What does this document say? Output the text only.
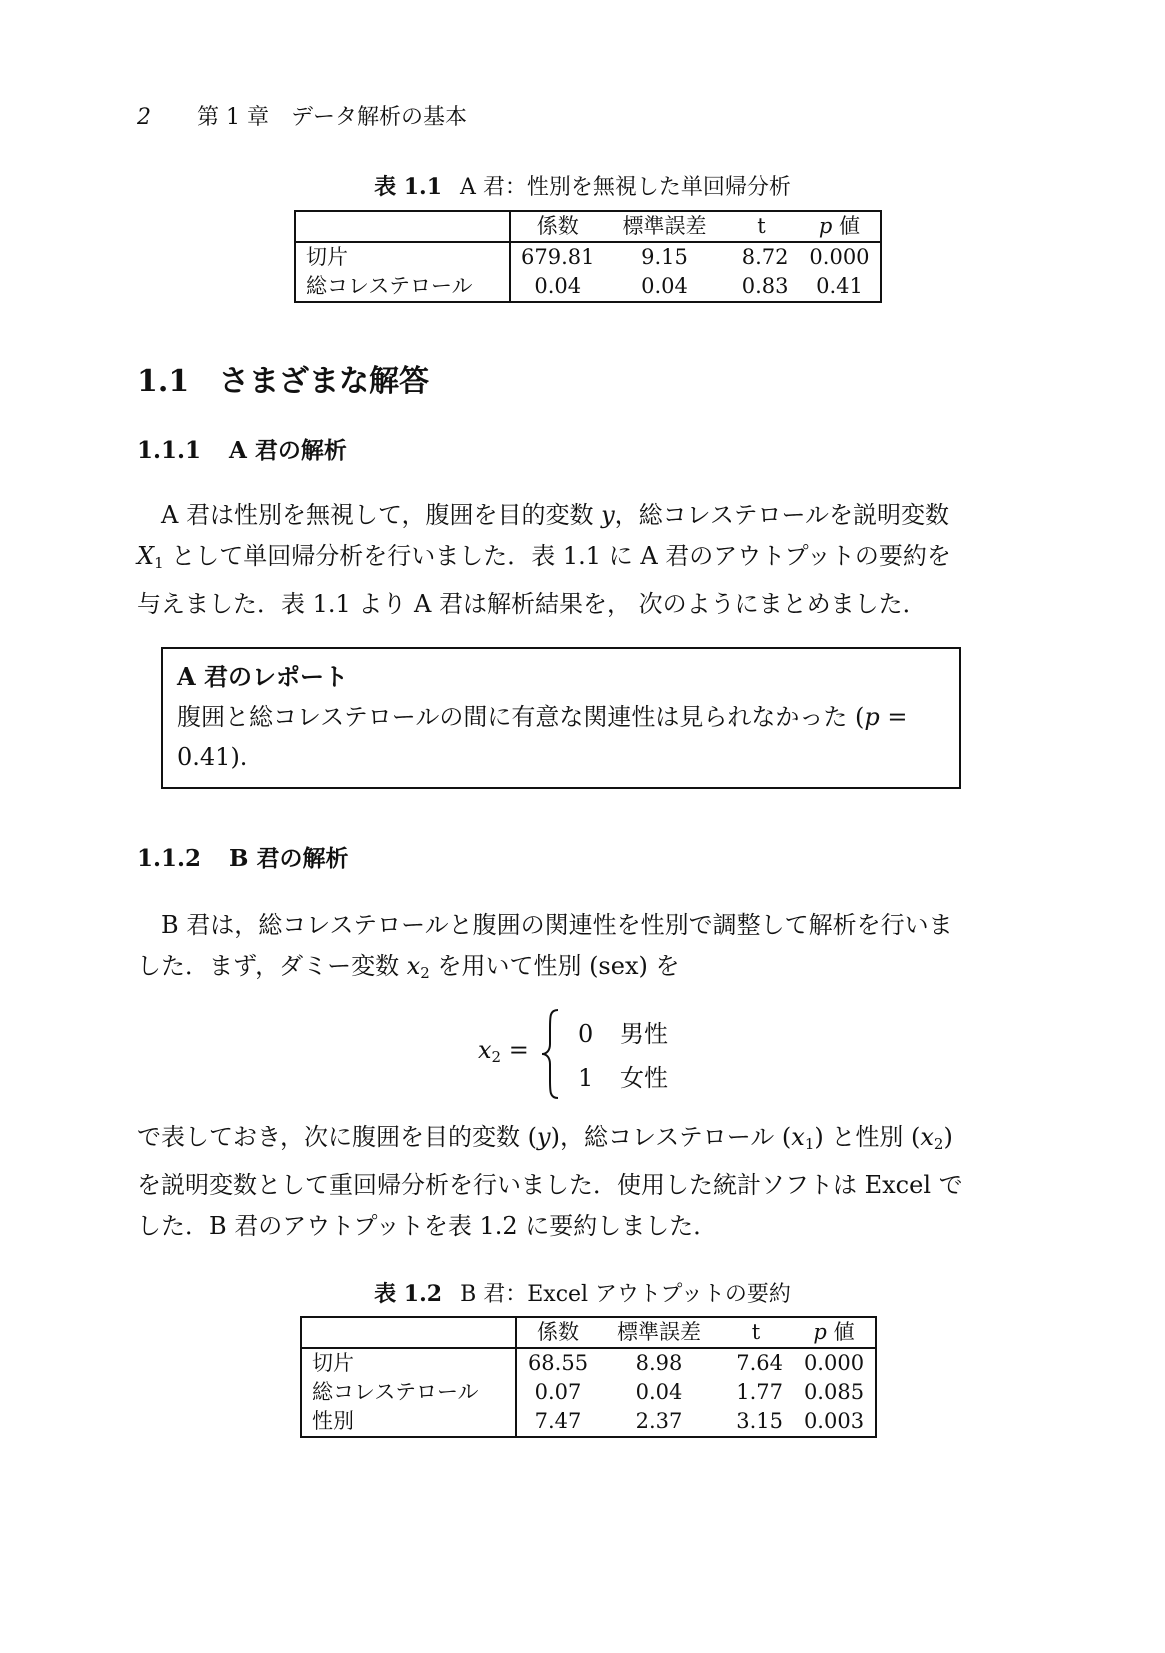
2 第 1 章　データ解析の基本
表 1.1 A 君：性別を無視した単回帰分析
	係数	標準誤差	t	p 値
切片	679.81	9.15	8.72	0.000
総コレステロール	0.04	0.04	0.83	0.41
1.1 さまざまな解答
1.1.1 A 君の解析
A 君は性別を無視して，腹囲を目的変数 y，総コレステロールを説明変数
X1 として単回帰分析を行いました．表 1.1 に A 君のアウトプットの要約を
与えました．表 1.1 より A 君は解析結果を， 次のようにまとめました．
A 君のレポート
腹囲と総コレステロールの間に有意な関連性は見られなかった (p =
0.41).
1.1.2 B 君の解析
B 君は，総コレステロールと腹囲の関連性を性別で調整して解析を行いま
した．まず，ダミー変数 x2 を用いて性別 (sex) を
x2 =
0 男性
1 女性
で表しておき，次に腹囲を目的変数 (y)，総コレステロール (x1) と性別 (x2)
を説明変数として重回帰分析を行いました．使用した統計ソフトは Excel で
した．B 君のアウトプットを表 1.2 に要約しました．
表 1.2 B 君：Excel アウトプットの要約
	係数	標準誤差	t	p 値
切片	68.55	8.98	7.64	0.000
総コレステロール	0.07	0.04	1.77	0.085
性別	7.47	2.37	3.15	0.003
